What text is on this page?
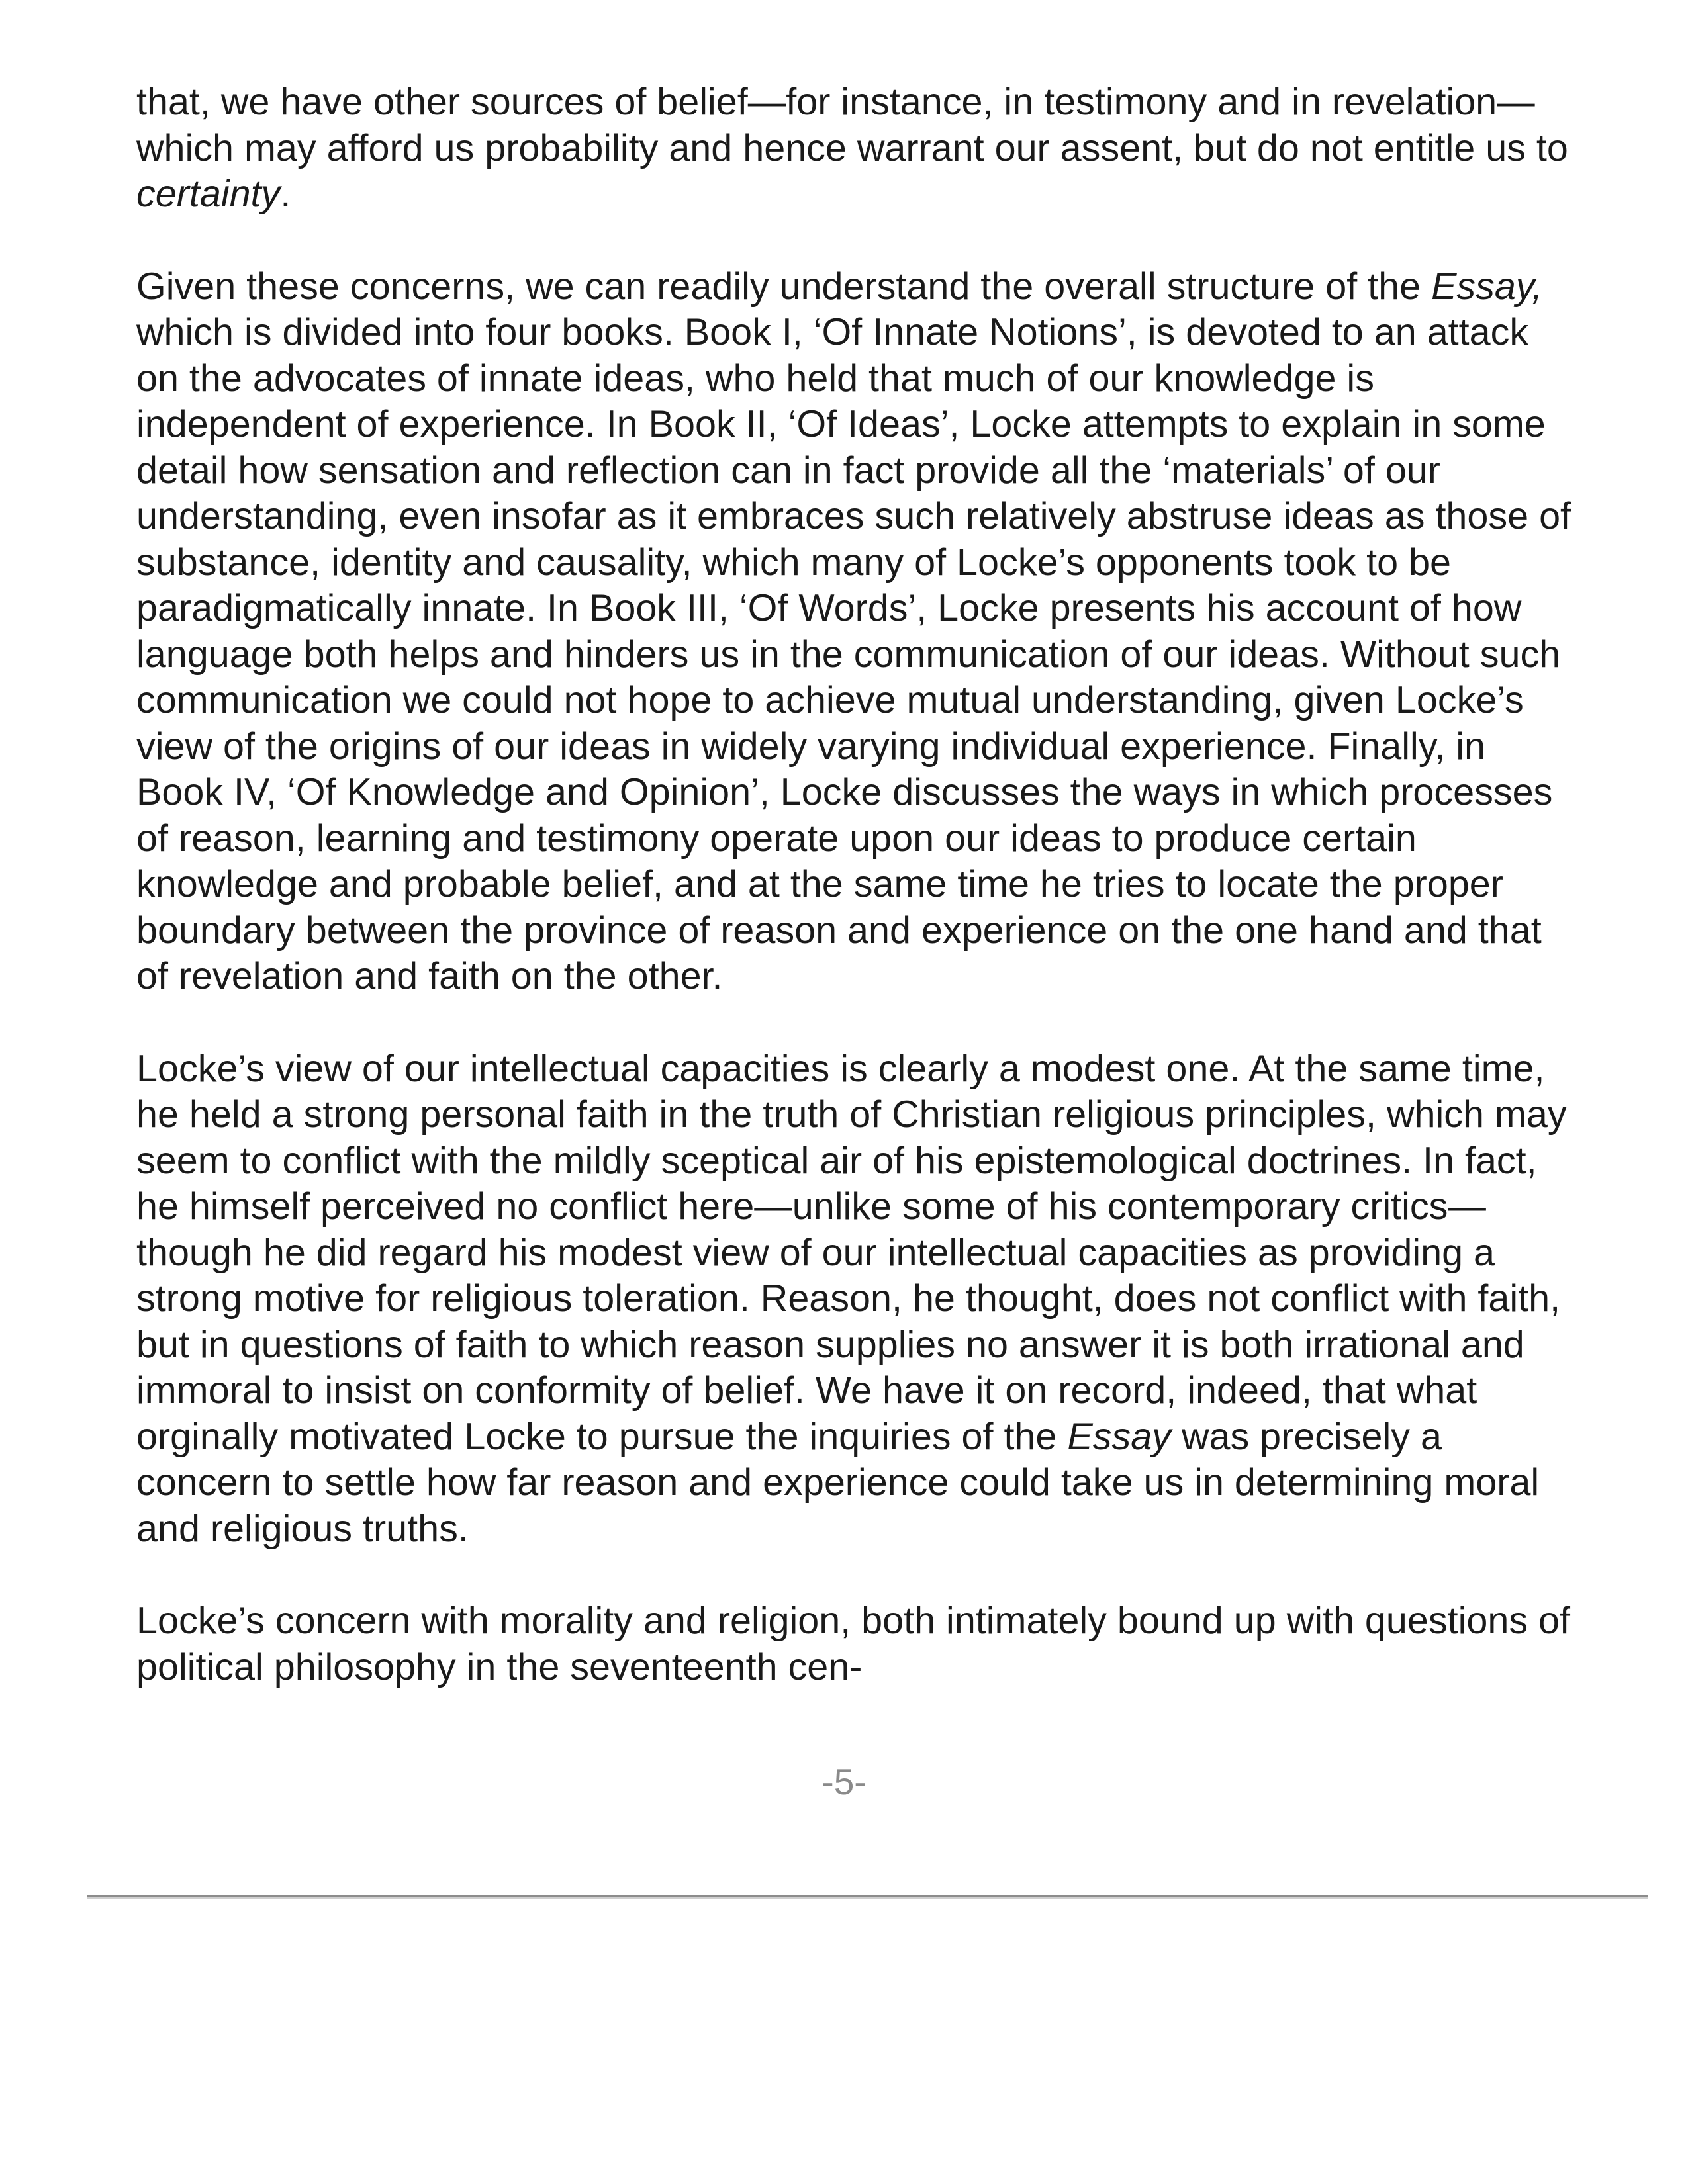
that, we have other sources of belief—for instance, in testimony and in revelation—
which may afford us probability and hence warrant our assent, but do not entitle us to
certainty.

Given these concerns, we can readily understand the overall structure of the Essay,
which is divided into four books. Book I, ‘Of Innate Notions’, is devoted to an attack
on the advocates of innate ideas, who held that much of our knowledge is
independent of experience. In Book II, ‘Of Ideas’, Locke attempts to explain in some
detail how sensation and reflection can in fact provide all the ‘materials’ of our
understanding, even insofar as it embraces such relatively abstruse ideas as those of
substance, identity and causality, which many of Locke’s opponents took to be
paradigmatically innate. In Book III, ‘Of Words’, Locke presents his account of how
language both helps and hinders us in the communication of our ideas. Without such
communication we could not hope to achieve mutual understanding, given Locke’s
view of the origins of our ideas in widely varying individual experience. Finally, in
Book IV, ‘Of Knowledge and Opinion’, Locke discusses the ways in which processes
of reason, learning and testimony operate upon our ideas to produce certain
knowledge and probable belief, and at the same time he tries to locate the proper
boundary between the province of reason and experience on the one hand and that
of revelation and faith on the other.

Locke’s view of our intellectual capacities is clearly a modest one. At the same time,
he held a strong personal faith in the truth of Christian religious principles, which may
seem to conflict with the mildly sceptical air of his epistemological doctrines. In fact,
he himself perceived no conflict here—unlike some of his contemporary critics—
though he did regard his modest view of our intellectual capacities as providing a
strong motive for religious toleration. Reason, he thought, does not conflict with faith,
but in questions of faith to which reason supplies no answer it is both irrational and
immoral to insist on conformity of belief. We have it on record, indeed, that what
orginally motivated Locke to pursue the inquiries of the Essay was precisely a
concern to settle how far reason and experience could take us in determining moral
and religious truths.

Locke’s concern with morality and religion, both intimately bound up with questions of
political philosophy in the seventeenth cen-

-5-
